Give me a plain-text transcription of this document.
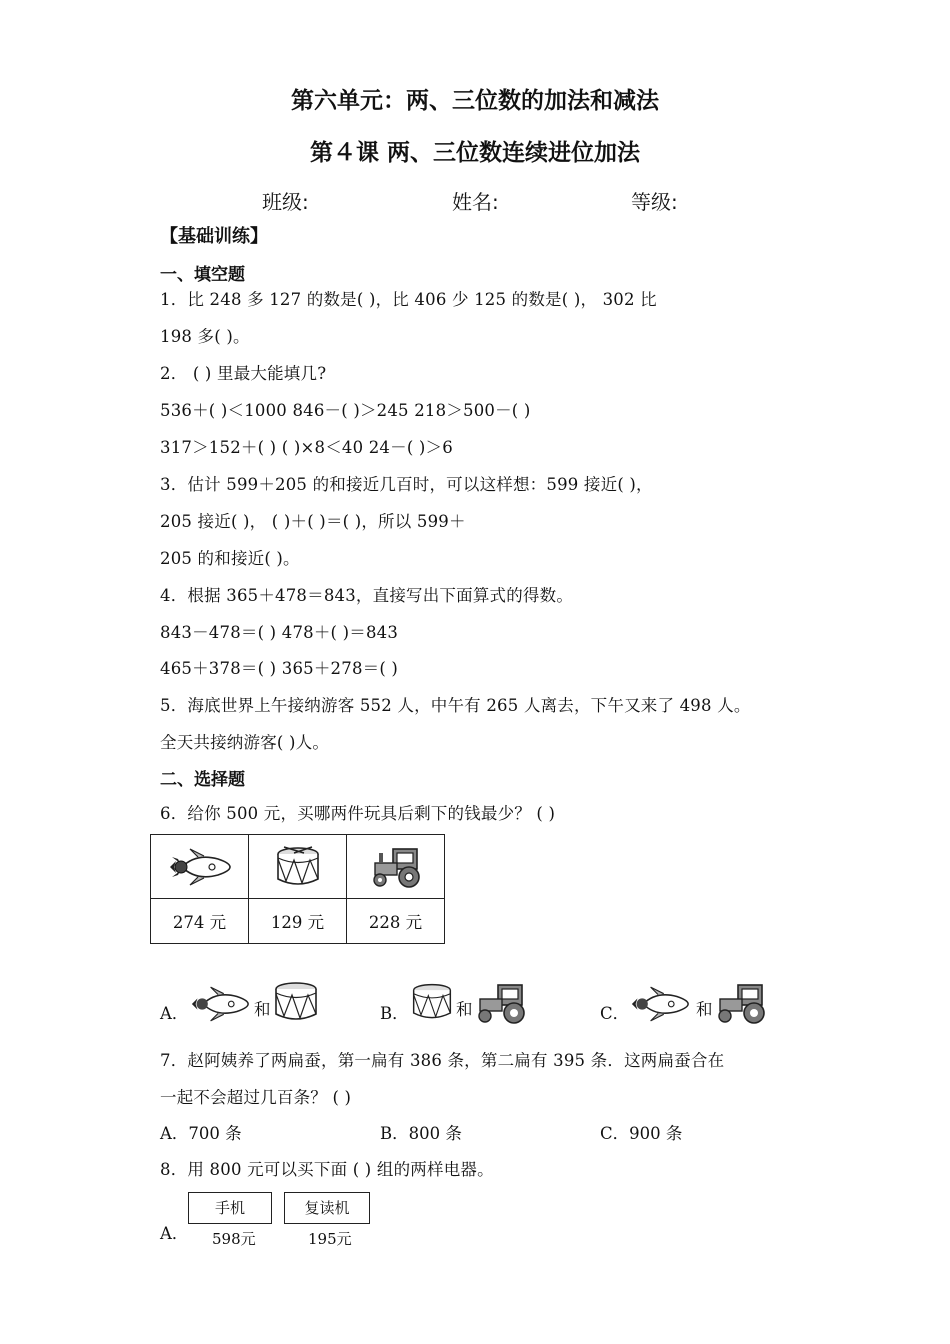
第六单元：两、三位数的加法和减法
第４课 两、三位数连续进位加法
班级:	姓名:	等级:
【基础训练】
一、填空题
1．比 248 多 127 的数是( )，比 406 少 125 的数是( )， 302 比
198 多( )。
2． ( ) 里最大能填几?
536＋( )＜1000 846－( )＞245 218＞500－( )
317＞152＋( ) ( )×8＜40 24－( )＞6
3．估计 599＋205 的和接近几百时，可以这样想：599 接近( )，
205 接近( )， ( )＋( )＝( )，所以 599＋
205 的和接近( )。
4．根据 365＋478＝843，直接写出下面算式的得数。
843－478＝( ) 478＋( )＝843
465＋378＝( ) 365＋278＝( )
5．海底世界上午接纳游客 552 人，中午有 265 人离去，下午又来了 498 人。
全天共接纳游客( )人。
二、选择题
6．给你 500 元，买哪两件玩具后剩下的钱最少？ ( )

274 元	129 元	228 元
A．	和	B．	和	C．	和
7．赵阿姨养了两扁蚕，第一扁有 386 条，第二扁有 395 条．这两扁蚕合在
一起不会超过几百条？ ( )
A．700 条	B．800 条	C．900 条
8．用 800 元可以买下面 ( ) 组的两样电器。
A．
手机
598元
复读机
195元
